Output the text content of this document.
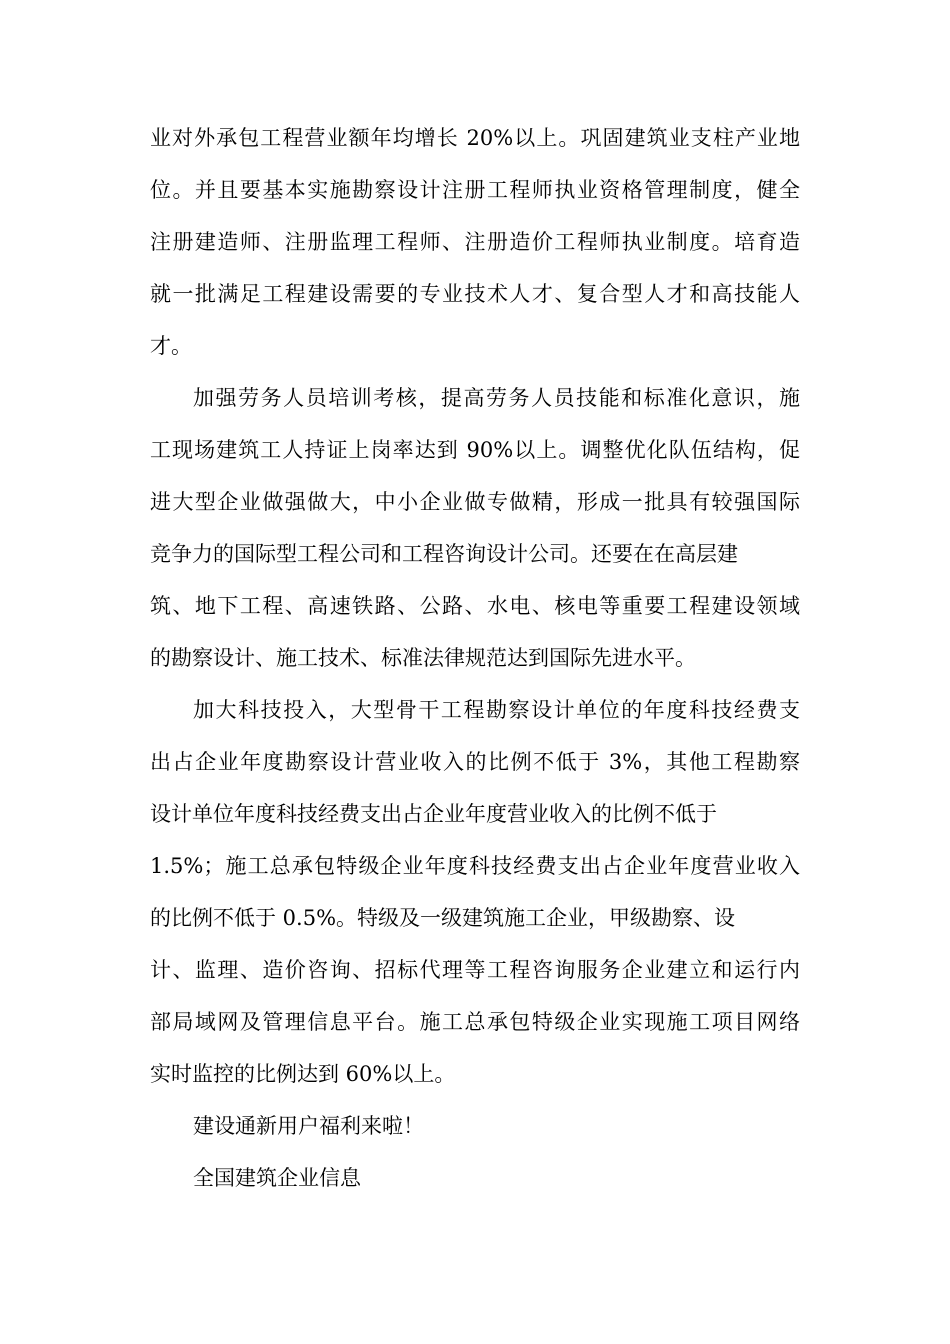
业对外承包工程营业额年均增长 20%以上。巩固建筑业支柱产业地
位。并且要基本实施勘察设计注册工程师执业资格管理制度，健全
注册建造师、注册监理工程师、注册造价工程师执业制度。培育造
就一批满足工程建设需要的专业技术人才、复合型人才和高技能人
才。
加强劳务人员培训考核，提高劳务人员技能和标准化意识，施
工现场建筑工人持证上岗率达到 90%以上。调整优化队伍结构，促
进大型企业做强做大，中小企业做专做精，形成一批具有较强国际
竞争力的国际型工程公司和工程咨询设计公司。还要在在高层建
筑、地下工程、高速铁路、公路、水电、核电等重要工程建设领域
的勘察设计、施工技术、标准法律规范达到国际先进水平。
加大科技投入，大型骨干工程勘察设计单位的年度科技经费支
出占企业年度勘察设计营业收入的比例不低于 3%，其他工程勘察
设计单位年度科技经费支出占企业年度营业收入的比例不低于
1.5%；施工总承包特级企业年度科技经费支出占企业年度营业收入
的比例不低于 0.5%。特级及一级建筑施工企业，甲级勘察、设
计、监理、造价咨询、招标代理等工程咨询服务企业建立和运行内
部局域网及管理信息平台。施工总承包特级企业实现施工项目网络
实时监控的比例达到 60%以上。
建设通新用户福利来啦！
全国建筑企业信息
